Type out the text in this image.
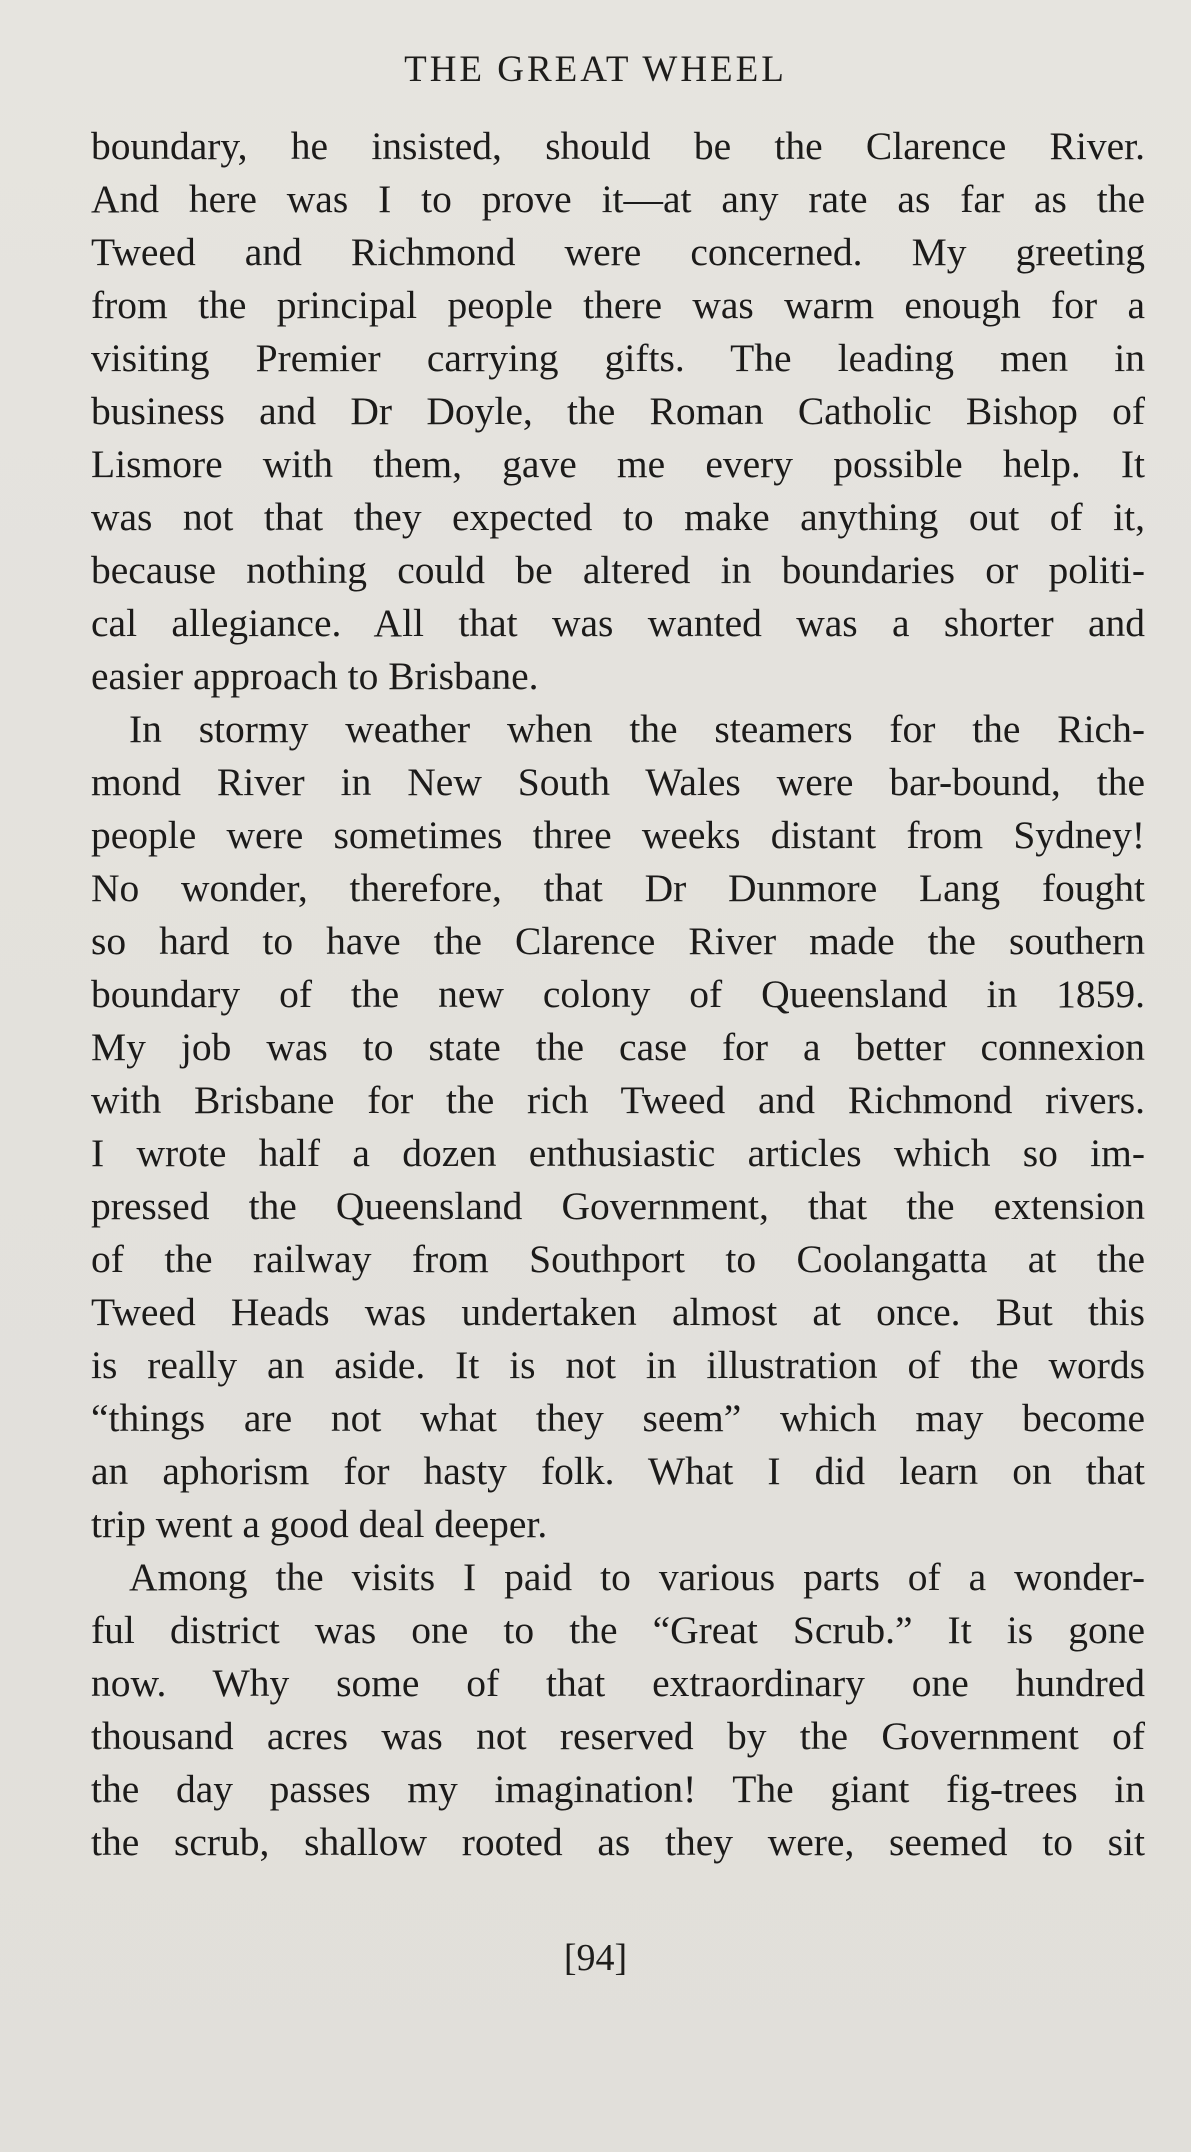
THE GREAT WHEEL
boundary, he insisted, should be the Clarence River.
And here was I to prove it—at any rate as far as the
Tweed and Richmond were concerned. My greeting
from the principal people there was warm enough for a
visiting Premier carrying gifts. The leading men in
business and Dr Doyle, the Roman Catholic Bishop of
Lismore with them, gave me every possible help. It
was not that they expected to make anything out of it,
because nothing could be altered in boundaries or politi-
cal allegiance. All that was wanted was a shorter and
easier approach to Brisbane.
In stormy weather when the steamers for the Rich-
mond River in New South Wales were bar-bound, the
people were sometimes three weeks distant from Sydney!
No wonder, therefore, that Dr Dunmore Lang fought
so hard to have the Clarence River made the southern
boundary of the new colony of Queensland in 1859.
My job was to state the case for a better connexion
with Brisbane for the rich Tweed and Richmond rivers.
I wrote half a dozen enthusiastic articles which so im-
pressed the Queensland Government, that the extension
of the railway from Southport to Coolangatta at the
Tweed Heads was undertaken almost at once. But this
is really an aside. It is not in illustration of the words
“things are not what they seem” which may become
an aphorism for hasty folk. What I did learn on that
trip went a good deal deeper.
Among the visits I paid to various parts of a wonder-
ful district was one to the “Great Scrub.” It is gone
now. Why some of that extraordinary one hundred
thousand acres was not reserved by the Government of
the day passes my imagination! The giant fig-trees in
the scrub, shallow rooted as they were, seemed to sit
[94]
